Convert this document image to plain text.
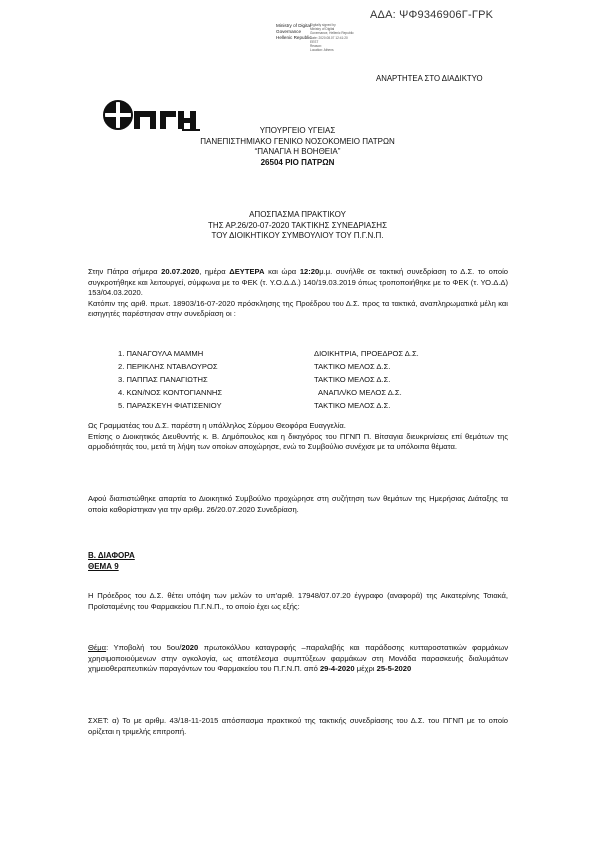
ΑΔΑ: ΨΦ9346906Γ-ΓΡΚ
Ministry of Digital
Governance
Hellenic Republic
Digitally signed by
Ministry of Digital
Governance, Hellenic Republic
Date: 2020.08.07 12:41:20
EEST
Reason:
Location: Athens
ΑΝΑΡΤΗΤΕΑ ΣΤΟ ΔΙΑΔΙΚΤΥΟ
ΥΠΟΥΡΓΕΙΟ ΥΓΕΙΑΣ
ΠΑΝΕΠΙΣΤΗΜΙΑΚΟ ΓΕΝΙΚΟ ΝΟΣΟΚΟΜΕΙΟ ΠΑΤΡΩΝ
“ΠΑΝΑΓΙΑ Η ΒΟΗΘΕΙΑ”
26504 ΡΙΟ ΠΑΤΡΩΝ
ΑΠΟΣΠΑΣΜΑ ΠΡΑΚΤΙΚΟΥ
ΤΗΣ ΑΡ.26/20-07-2020 ΤΑΚΤΙΚΗΣ ΣΥΝΕΔΡΙΑΣΗΣ
ΤΟΥ ΔΙΟΙΚΗΤΙΚΟΥ ΣΥΜΒΟΥΛΙΟΥ ΤΟΥ Π.Γ.Ν.Π.

Στην Πάτρα σήμερα 20.07.2020, ημέρα ΔΕΥΤΕΡΑ και ώρα 12:20μ.μ. συνήλθε σε τακτική συνεδρίαση το Δ.Σ. το οποίο συγκροτήθηκε και λειτουργεί, σύμφωνα με το ΦΕΚ (τ. Υ.Ο.Δ.Δ.) 140/19.03.2019 όπως τροποποιήθηκε με το ΦΕΚ (τ. ΥΟ.Δ.Δ) 153/04.03.2020.

Κατόπιν της αριθ. πρωτ. 18903/16-07-2020 πρόσκλησης της Προέδρου του Δ.Σ. προς τα τακτικά, αναπληρωματικά μέλη και εισηγητές παρέστησαν στην συνεδρίαση οι :

1. ΠΑΝΑΓΟΥΛΑ ΜΑΜΜΗ	ΔΙΟΙΚΗΤΡΙΑ, ΠΡΟΕΔΡΟΣ Δ.Σ.
2. ΠΕΡΙΚΛΗΣ ΝΤΑΒΛΟΥΡΟΣ	ΤΑΚΤΙΚΟ ΜΕΛΟΣ Δ.Σ.
3. ΠΑΠΠΑΣ ΠΑΝΑΓΙΩΤΗΣ	ΤΑΚΤΙΚΟ ΜΕΛΟΣ Δ.Σ.
4. ΚΩΝ/ΝΟΣ ΚΟΝΤΟΓΙΑΝΝΗΣ	ΑΝΑΠΛ/ΚΟ ΜΕΛΟΣ Δ.Σ.
5. ΠΑΡΑΣΚΕΥΗ ΦΙΑΤΙΣΕΝΙΟΥ	ΤΑΚΤΙΚΟ ΜΕΛΟΣ Δ.Σ.

Ως Γραμματέας του Δ.Σ. παρέστη η υπάλληλος Σύρμου Θεοφόρα Ευαγγελία.

Επίσης ο Διοικητικός Διευθυντής κ. Β. Δημόπουλος και η δικηγόρος του ΠΓΝΠ Π. Βίτσαγια διευκρινίσεις επί θεμάτων της αρμοδιότητάς του, μετά τη λήψη των οποίων αποχώρησε, ενώ το Συμβούλιο συνέχισε με τα υπόλοιπα θέματα.

Αφού διαπιστώθηκε απαρτία το Διοικητικό Συμβούλιο προχώρησε στη συζήτηση των θεμάτων της Ημερήσιας Διάταξης τα οποία καθορίστηκαν για την αριθμ. 26/20.07.2020 Συνεδρίαση.

Β. ΔΙΑΦΟΡΑ
ΘΕΜΑ 9

Η Πρόεδρος του Δ.Σ. θέτει υπόψη των μελών το υπ’αριθ. 17948/07.07.20 έγγραφο (αναφορά) της Αικατερίνης Τσιακά, Προϊσταμένης του Φαρμακείου Π.Γ.Ν.Π., το οποίο έχει ως εξής:

Θέμα: Υποβολή του 5ου/2020 πρωτοκόλλου καταγραφής –παραλαβής και παράδοσης κυτταροστατικών φαρμάκων χρησιμοποιούμενων στην ογκολογία, ως αποτέλεσμα συμπτύξεων φαρμάκων στη Μονάδα παρασκευής διαλυμάτων χημειοθεραπευτικών παραγόντων του Φαρμακείου του Π.Γ.Ν.Π. από 29-4-2020 μέχρι 25-5-2020

ΣΧΕΤ: α) Το με αριθμ. 43/18-11-2015 απόσπασμα πρακτικού της τακτικής συνεδρίασης του Δ.Σ. του ΠΓΝΠ με το οποίο ορίζεται η τριμελής επιτροπή.
